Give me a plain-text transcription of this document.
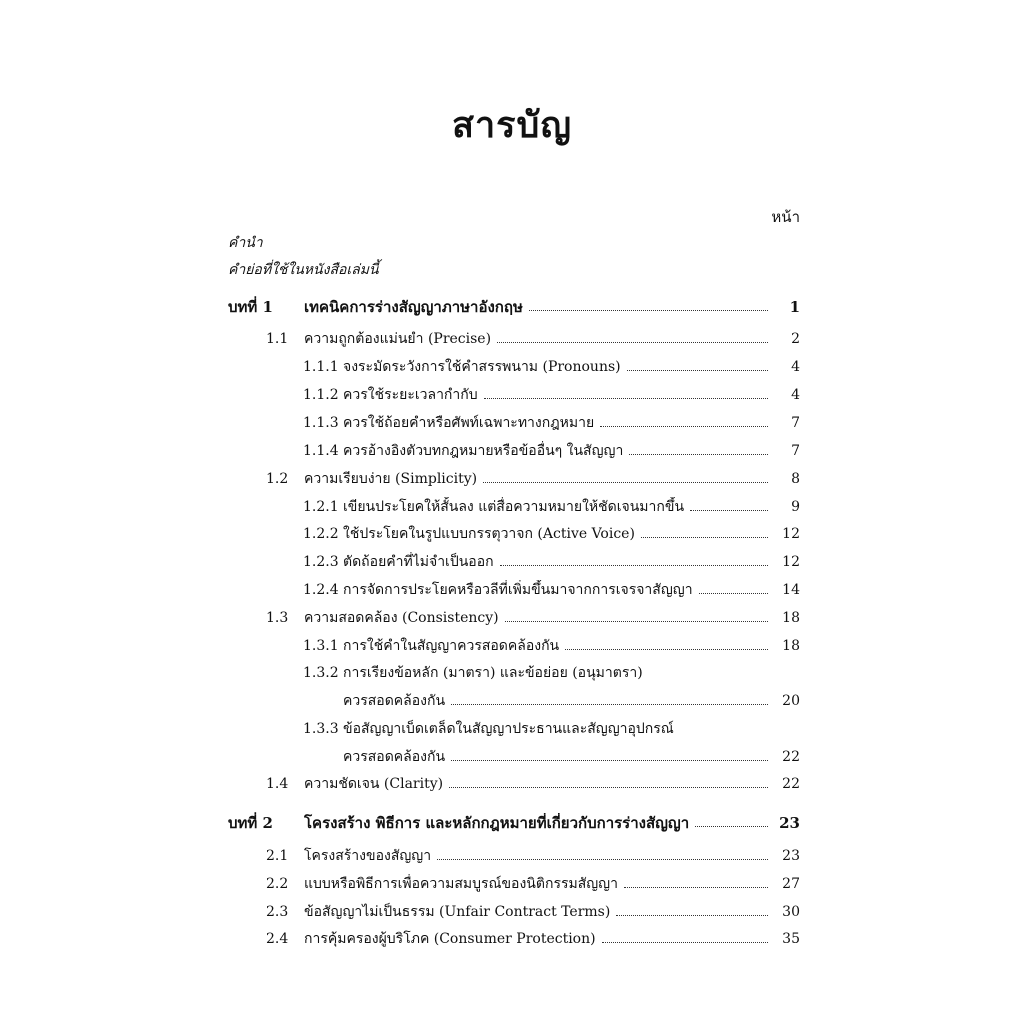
สารบัญ
หน้า
คำนำ
คำย่อที่ใช้ในหนังสือเล่มนี้
บทที่ 1	เทคนิคการร่างสัญญาภาษาอังกฤษ	1
1.1	ความถูกต้องแม่นยำ (Precise)	2
1.1.1 จงระมัดระวังการใช้คำสรรพนาม (Pronouns)	4
1.1.2 ควรใช้ระยะเวลากำกับ	4
1.1.3 ควรใช้ถ้อยคำหรือศัพท์เฉพาะทางกฎหมาย	7
1.1.4 ควรอ้างอิงตัวบทกฎหมายหรือข้ออื่นๆ ในสัญญา	7
1.2	ความเรียบง่าย (Simplicity)	8
1.2.1 เขียนประโยคให้สั้นลง แต่สื่อความหมายให้ชัดเจนมากขึ้น	9
1.2.2 ใช้ประโยคในรูปแบบกรรตุวาจก (Active Voice)	12
1.2.3 ตัดถ้อยคำที่ไม่จำเป็นออก	12
1.2.4 การจัดการประโยคหรือวลีที่เพิ่มขึ้นมาจากการเจรจาสัญญา	14
1.3	ความสอดคล้อง (Consistency)	18
1.3.1 การใช้คำในสัญญาควรสอดคล้องกัน	18
1.3.2 การเรียงข้อหลัก (มาตรา) และข้อย่อย (อนุมาตรา)
ควรสอดคล้องกัน	20
1.3.3 ข้อสัญญาเบ็ดเตล็ดในสัญญาประธานและสัญญาอุปกรณ์
ควรสอดคล้องกัน	22
1.4	ความชัดเจน (Clarity)	22
บทที่ 2	โครงสร้าง พิธีการ และหลักกฎหมายที่เกี่ยวกับการร่างสัญญา	23
2.1	โครงสร้างของสัญญา	23
2.2	แบบหรือพิธีการเพื่อความสมบูรณ์ของนิติกรรมสัญญา	27
2.3	ข้อสัญญาไม่เป็นธรรม (Unfair Contract Terms)	30
2.4	การคุ้มครองผู้บริโภค (Consumer Protection)	35
